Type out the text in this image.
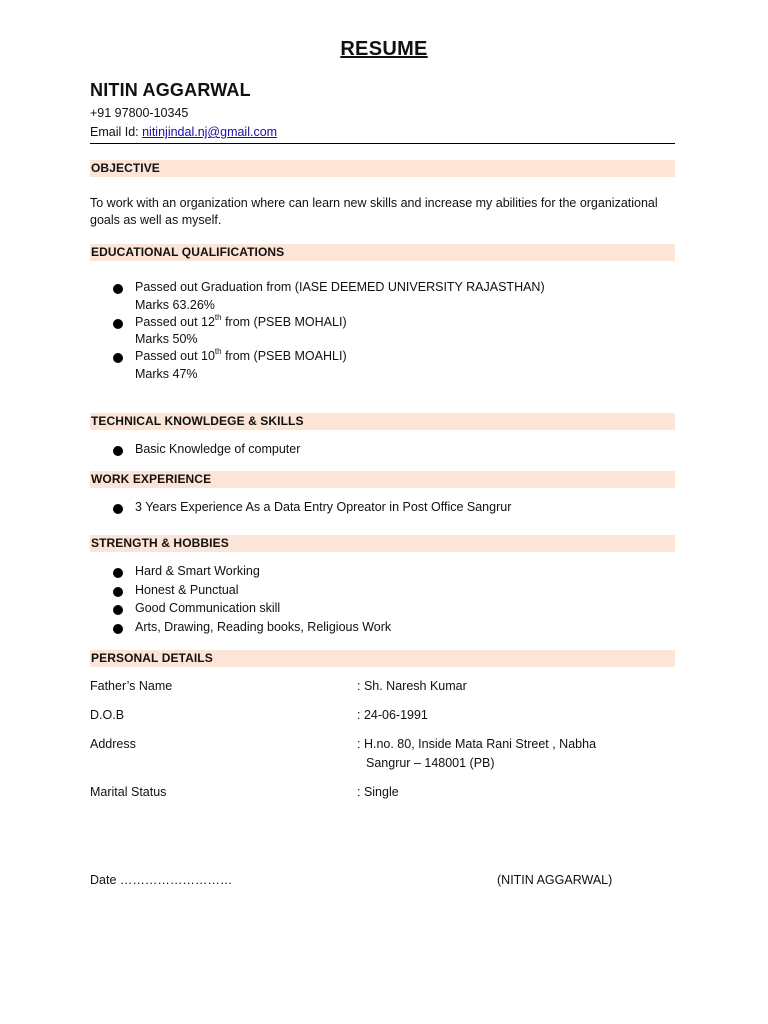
RESUME
NITIN AGGARWAL
+91 97800-10345
Email Id: nitinjindal.nj@gmail.com
OBJECTIVE
To work with an organization where can learn new skills and increase my abilities for the organizational goals as well as myself.
EDUCATIONAL QUALIFICATIONS
Passed out Graduation from (IASE DEEMED UNIVERSITY RAJASTHAN)
Marks 63.26%
Passed out 12th from (PSEB MOHALI)
Marks 50%
Passed out 10th from (PSEB MOAHLI)
Marks 47%
TECHNICAL KNOWLDEGE & SKILLS
Basic Knowledge of computer
WORK EXPERIENCE
3 Years Experience As a Data Entry Opreator in Post Office Sangrur
STRENGTH & HOBBIES
Hard & Smart Working
Honest & Punctual
Good Communication skill
Arts, Drawing, Reading books, Religious Work
PERSONAL DETAILS
Father’s Name	: Sh. Naresh Kumar
D.O.B	: 24-06-1991
Address	: H.no. 80, Inside Mata Rani Street , Nabha
Sangrur – 148001 (PB)
Marital Status	: Single
Date ………………………	(NITIN AGGARWAL)
